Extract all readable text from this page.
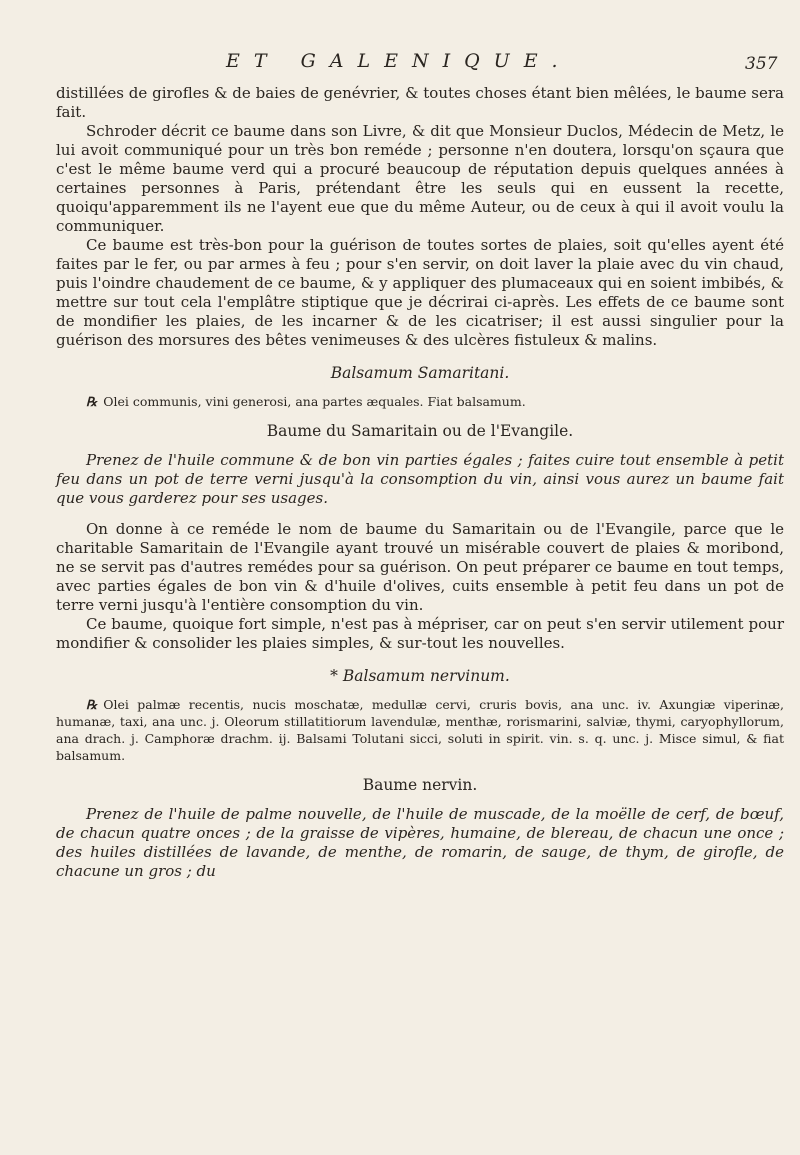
ET GALENIQUE.	357

distillées de girofles & de baies de genévrier, & toutes choses étant bien mêlées, le baume sera fait.

Schroder décrit ce baume dans son Livre, & dit que Monsieur Duclos, Médecin de Metz, le lui avoit communiqué pour un très bon reméde ; personne n'en doutera, lorsqu'on sçaura que c'est le même baume verd qui a procuré beaucoup de réputation depuis quelques années à certaines personnes à Paris, prétendant être les seuls qui en eussent la recette, quoiqu'apparemment ils ne l'ayent eue que du même Auteur, ou de ceux à qui il avoit voulu la communiquer.

Ce baume est très-bon pour la guérison de toutes sortes de plaies, soit qu'elles ayent été faites par le fer, ou par armes à feu ; pour s'en servir, on doit laver la plaie avec du vin chaud, puis l'oindre chaudement de ce baume, & y appliquer des plumaceaux qui en soient imbibés, & mettre sur tout cela l'emplâtre stiptique que je décrirai ci-après. Les effets de ce baume sont de mondifier les plaies, de les incarner & de les cicatriser; il est aussi singulier pour la guérison des morsures des bêtes venimeuses & des ulcères fistuleux & malins.

Balsamum Samaritani.

℞ Olei communis, vini generosi, ana partes æquales. Fiat balsamum.

Baume du Samaritain ou de l'Evangile.

Prenez de l'huile commune & de bon vin parties égales ; faites cuire tout ensemble à petit feu dans un pot de terre verni jusqu'à la consomption du vin, ainsi vous aurez un baume fait que vous garderez pour ses usages.

On donne à ce reméde le nom de baume du Samaritain ou de l'Evangile, parce que le charitable Samaritain de l'Evangile ayant trouvé un misérable couvert de plaies & moribond, ne se servit pas d'autres remédes pour sa guérison. On peut préparer ce baume en tout temps, avec parties égales de bon vin & d'huile d'olives, cuits ensemble à petit feu dans un pot de terre verni jusqu'à l'entière consomption du vin.

Ce baume, quoique fort simple, n'est pas à mépriser, car on peut s'en servir utilement pour mondifier & consolider les plaies simples, & sur-tout les nouvelles.

* Balsamum nervinum.

℞ Olei palmæ recentis, nucis moschatæ, medullæ cervi, cruris bovis, ana unc. iv. Axungiæ viperinæ, humanæ, taxi, ana unc. j. Oleorum stillatitiorum lavendulæ, menthæ, rorismarini, salviæ, thymi, caryophyllorum, ana drach. j. Camphoræ drachm. ij. Balsami Tolutani sicci, soluti in spirit. vin. s. q. unc. j. Misce simul, & fiat balsamum.

Baume nervin.

Prenez de l'huile de palme nouvelle, de l'huile de muscade, de la moëlle de cerf, de bœuf, de chacun quatre onces ; de la graisse de vipères, humaine, de blereau, de chacun une once ; des huiles distillées de lavande, de menthe, de romarin, de sauge, de thym, de girofle, de chacune un gros ; du
